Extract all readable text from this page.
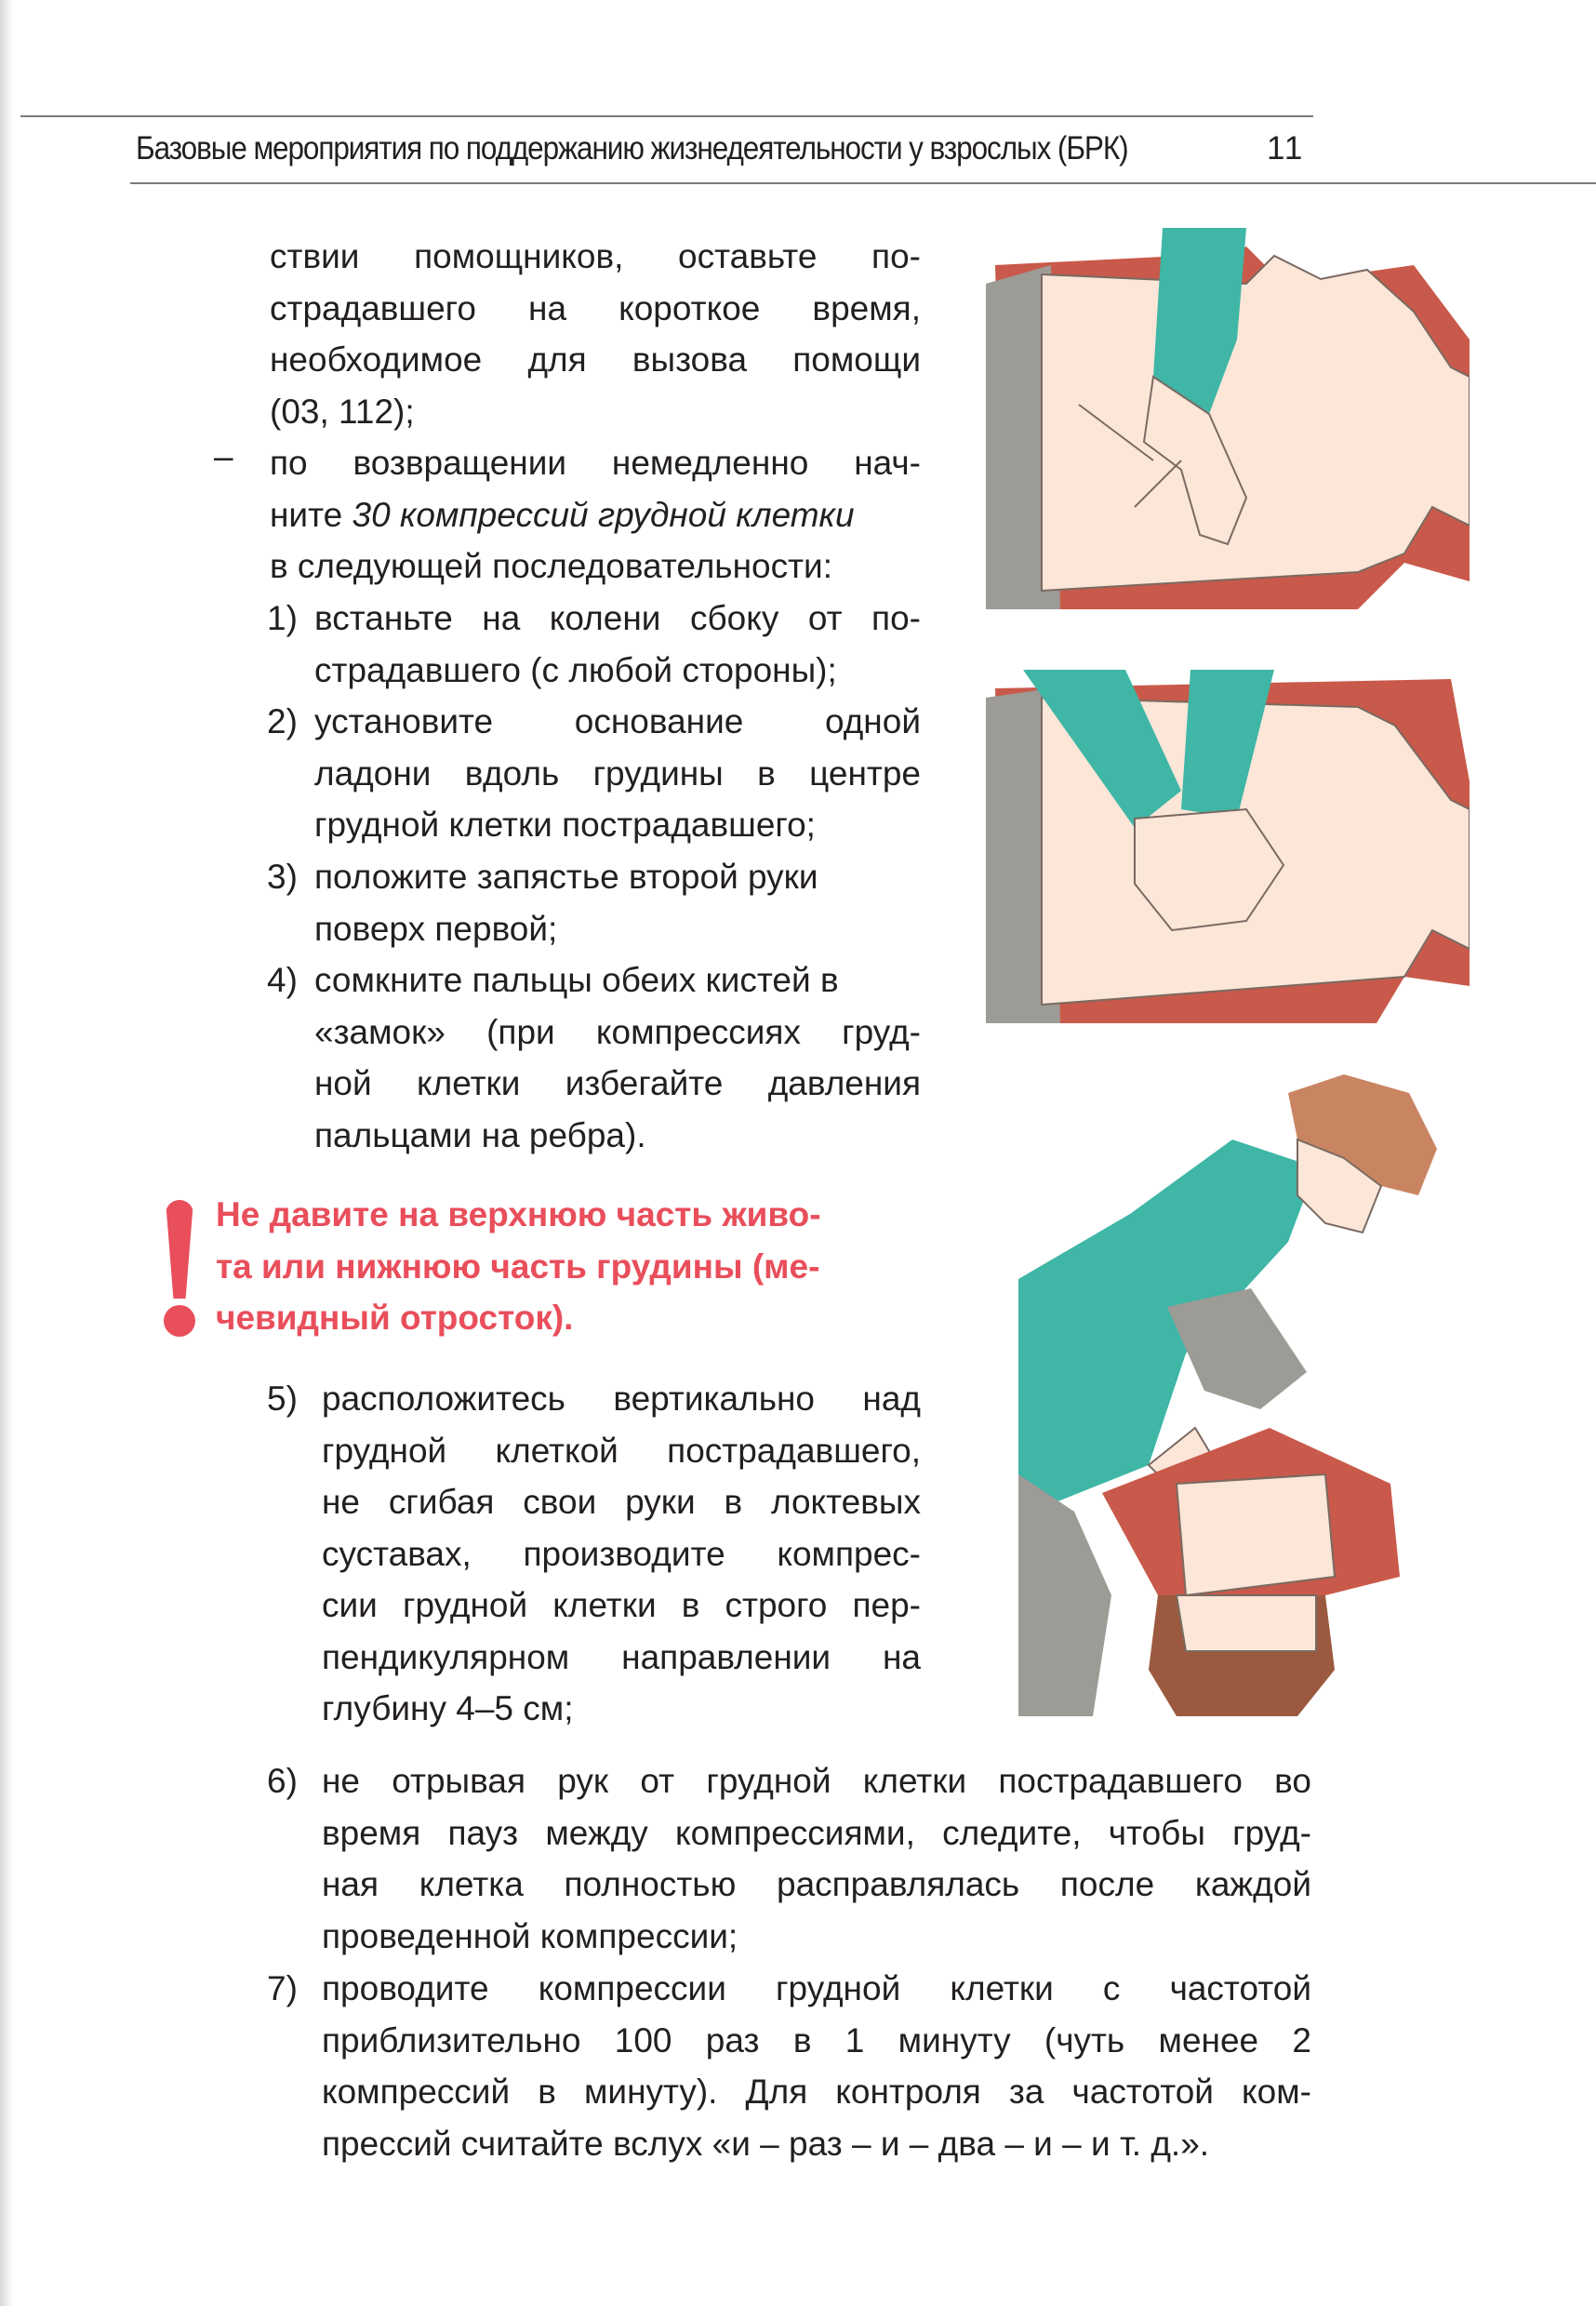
Базовые мероприятия по поддержанию жизнедеятельности у взрослых (БРК)	11
ствии помощников, оставьте по-
страдавшего на короткое время,
необходимое для вызова помощи
(03, 112);
– по возвращении немедленно нач-
ните 30 компрессий грудной клетки
в следующей последовательности:
1) встаньте на колени сбоку от по-
страдавшего (с любой стороны);
2) установите основание одной
ладони вдоль грудины в центре
грудной клетки пострадавшего;
3) положите запястье второй руки
поверх первой;
4) сомкните пальцы обеих кистей в
«замок» (при компрессиях груд-
ной клетки избегайте давления
пальцами на ребра).
Не давите на верхнюю часть живо-
та или нижнюю часть грудины (ме-
чевидный отросток).
5) расположитесь вертикально над
грудной клеткой пострадавшего,
не сгибая свои руки в локтевых
суставах, производите компрес-
сии грудной клетки в строго пер-
пендикулярном направлении на
глубину 4–5 см;
6) не отрывая рук от грудной клетки пострадавшего во
время пауз между компрессиями, следите, чтобы груд-
ная клетка полностью расправлялась после каждой
проведенной компрессии;
7) проводите компрессии грудной клетки с частотой
приблизительно 100 раз в 1 минуту (чуть менее 2
компрессий в минуту). Для контроля за частотой ком-
прессий считайте вслух «и – раз – и – два – и – и т. д.».
